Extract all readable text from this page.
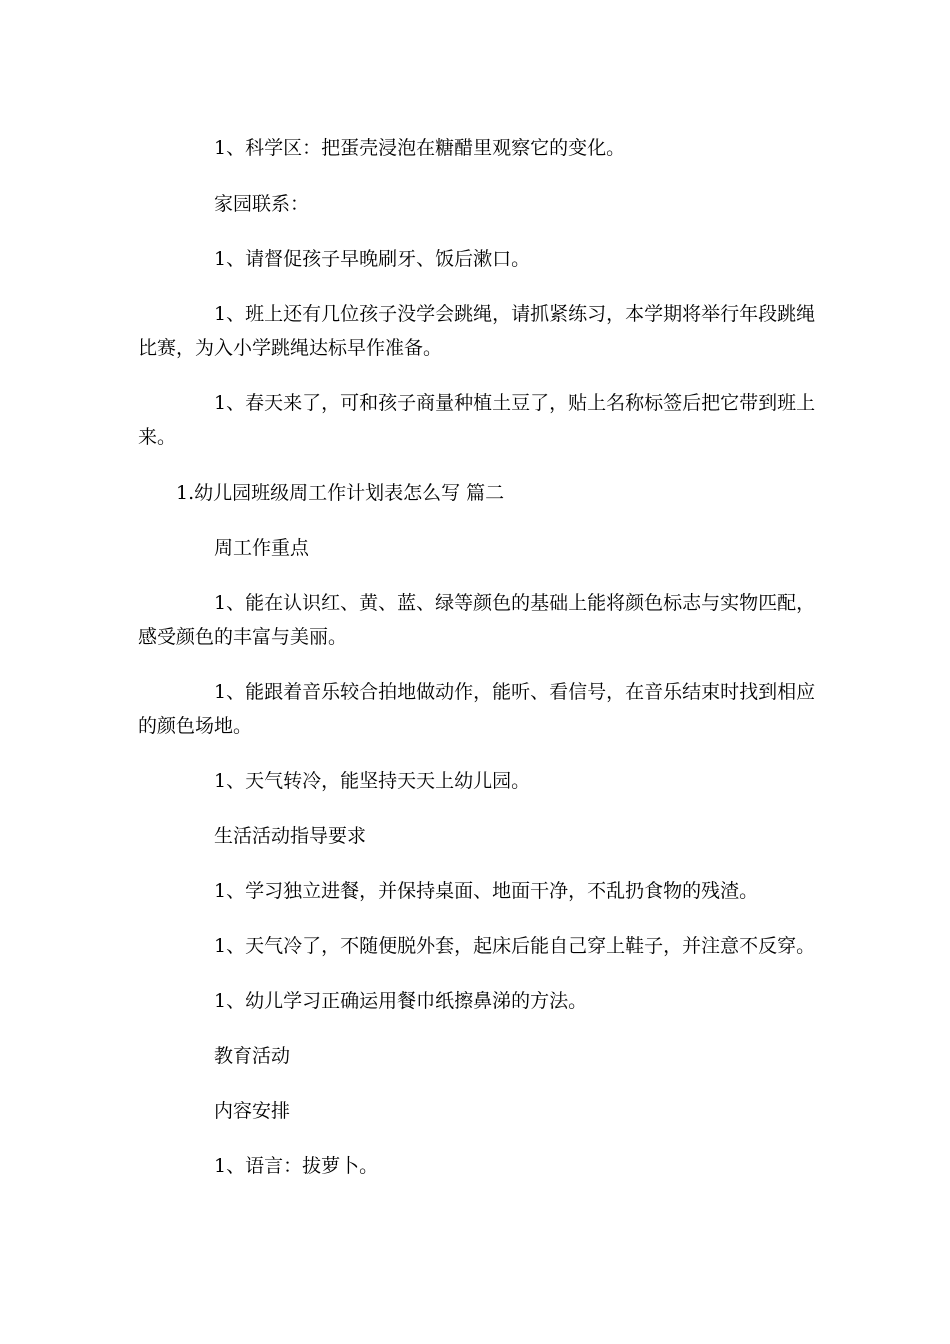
1、科学区：把蛋壳浸泡在糖醋里观察它的变化。

家园联系：

1、请督促孩子早晚刷牙、饭后漱口。

1、班上还有几位孩子没学会跳绳，请抓紧练习，本学期将举行年段跳绳比赛，为入小学跳绳达标早作准备。

1、春天来了，可和孩子商量种植土豆了，贴上名称标签后把它带到班上来。

1.幼儿园班级周工作计划表怎么写 篇二

周工作重点

1、能在认识红、黄、蓝、绿等颜色的基础上能将颜色标志与实物匹配，感受颜色的丰富与美丽。

1、能跟着音乐较合拍地做动作，能听、看信号，在音乐结束时找到相应的颜色场地。

1、天气转冷，能坚持天天上幼儿园。

生活活动指导要求

1、学习独立进餐，并保持桌面、地面干净，不乱扔食物的残渣。

1、天气冷了，不随便脱外套，起床后能自己穿上鞋子，并注意不反穿。

1、幼儿学习正确运用餐巾纸擦鼻涕的方法。

教育活动

内容安排

1、语言：拔萝卜。
